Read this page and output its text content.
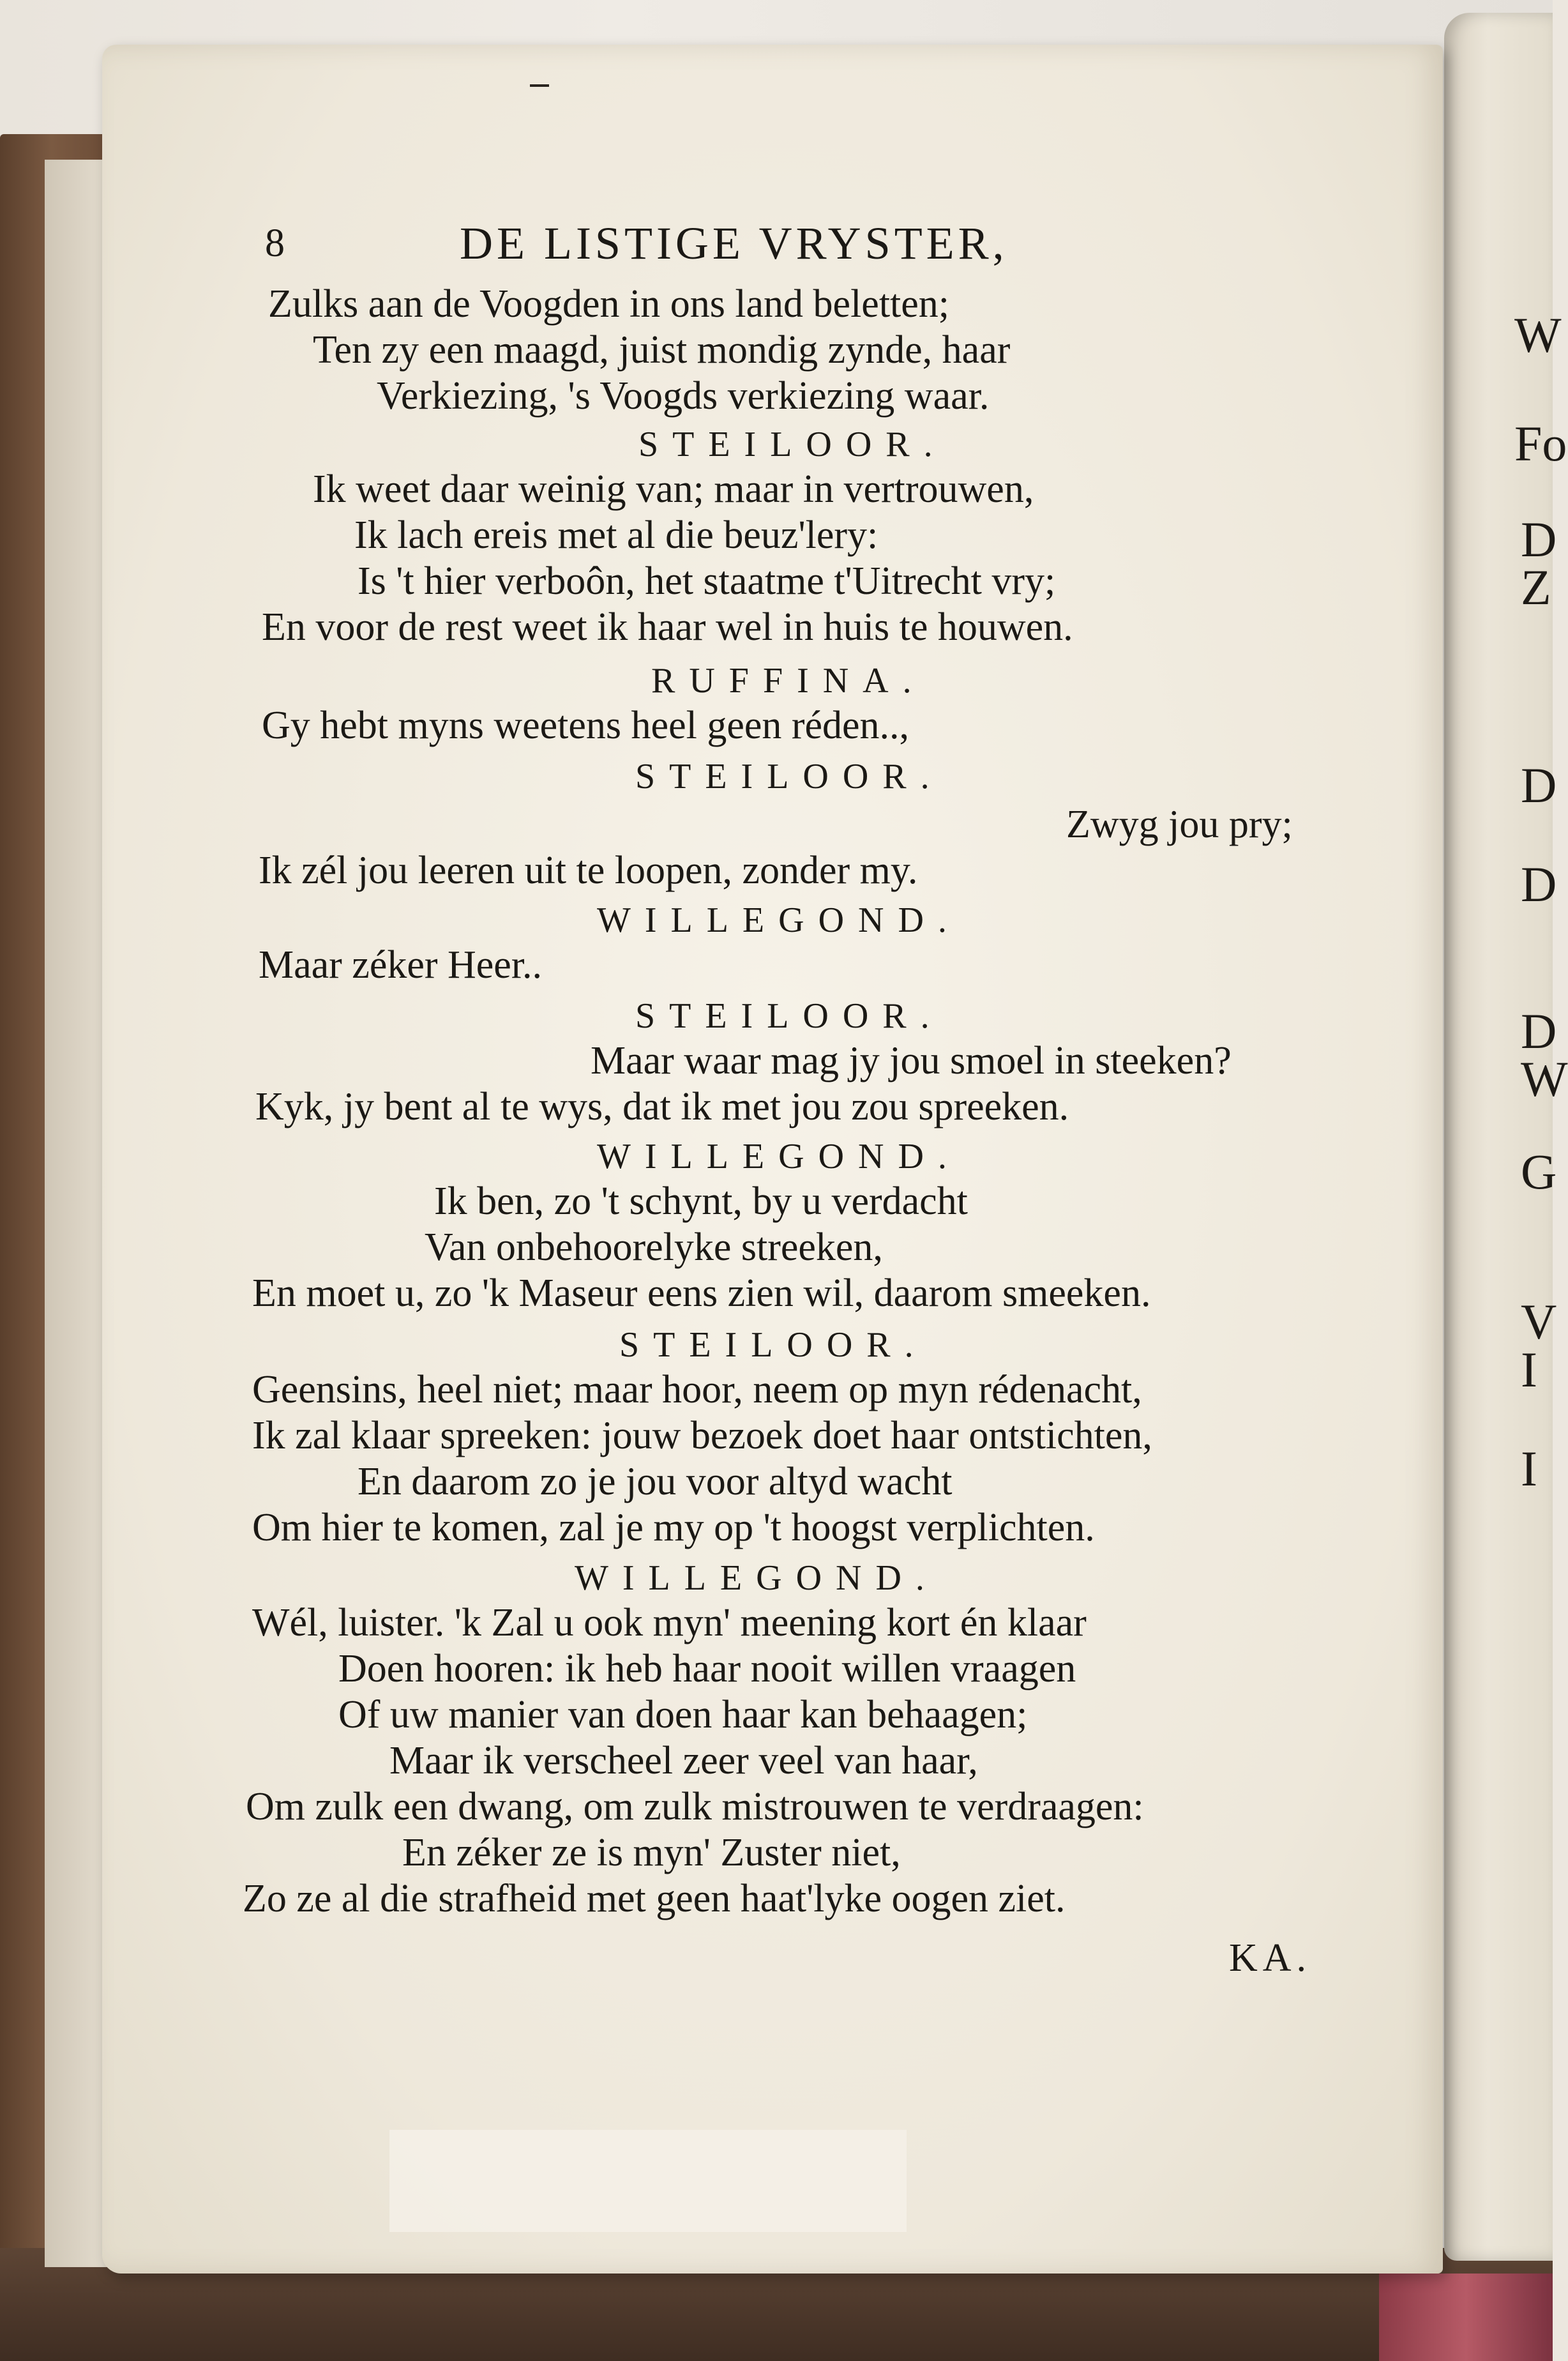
W
Fo
D
Z
D
D
D
W
G
V
I
I

8	DE LISTIGE VRYSTER,

Zulks aan de Voogden in ons land beletten;

Ten zy een maagd, juist mondig zynde, haar

Verkiezing, 's Voogds verkiezing waar.

STEILOOR.

Ik weet daar weinig van; maar in vertrouwen,

Ik lach ereis met al die beuz'lery:

Is 't hier verboôn, het staatme t'Uitrecht vry;

En voor de rest weet ik haar wel in huis te houwen.

RUFFINA.

Gy hebt myns weetens heel geen réden..,

STEILOOR.

Zwyg jou pry;

Ik zél jou leeren uit te loopen, zonder my.

WILLEGOND.

Maar zéker Heer..

STEILOOR.

Maar waar mag jy jou smoel in steeken?

Kyk, jy bent al te wys, dat ik met jou zou spreeken.

WILLEGOND.

Ik ben, zo 't schynt, by u verdacht

Van onbehoorelyke streeken,

En moet u, zo 'k Maseur eens zien wil, daarom smeeken.

STEILOOR.

Geensins, heel niet; maar hoor, neem op myn rédenacht,

Ik zal klaar spreeken: jouw bezoek doet haar ontstichten,

En daarom zo je jou voor altyd wacht

Om hier te komen, zal je my op 't hoogst verplichten.

WILLEGOND.

Wél, luister. 'k Zal u ook myn' meening kort én klaar

Doen hooren: ik heb haar nooit willen vraagen

Of uw manier van doen haar kan behaagen;

Maar ik verscheel zeer veel van haar,

Om zulk een dwang, om zulk mistrouwen te verdraagen:

En zéker ze is myn' Zuster niet,

Zo ze al die strafheid met geen haat'lyke oogen ziet.

KA.
